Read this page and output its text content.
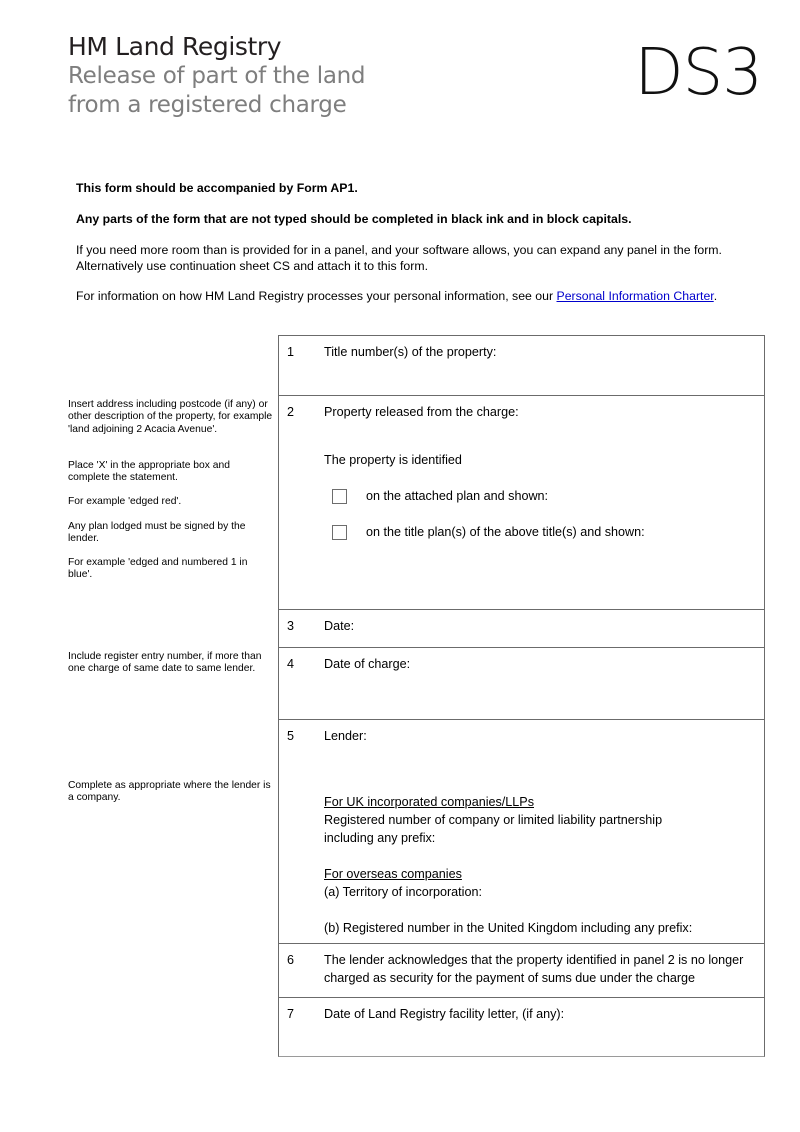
HM Land Registry
Release of part of the land
from a registered charge	DS3

This form should be accompanied by Form AP1.

Any parts of the form that are not typed should be completed in black ink and in block capitals.

If you need more room than is provided for in a panel, and your software allows, you can expand any panel in the form. Alternatively use continuation sheet CS and attach it to this form.

For information on how HM Land Registry processes your personal information, see our Personal Information Charter.

Insert address including postcode (if any) or other description of the property, for example 'land adjoining 2 Acacia Avenue'.
Place 'X' in the appropriate box and complete the statement.
For example 'edged red'.
Any plan lodged must be signed by the lender.
For example 'edged and numbered 1 in blue'.
Include register entry number, if more than one charge of same date to same lender.
Complete as appropriate where the lender is a company.
1	Title number(s) of the property:

2	Property released from the charge:

The property is identified

on the attached plan and shown:
on the title plan(s) of the above title(s) and shown:
3	Date:

4	Date of charge:

5	Lender:

For UK incorporated companies/LLPs

Registered number of company or limited liability partnership

including any prefix:

For overseas companies

(a) Territory of incorporation:

(b) Registered number in the United Kingdom including any prefix:

6	The lender acknowledges that the property identified in panel 2 is no longer charged as security for the payment of sums due under the charge

7	Date of Land Registry facility letter, (if any):
